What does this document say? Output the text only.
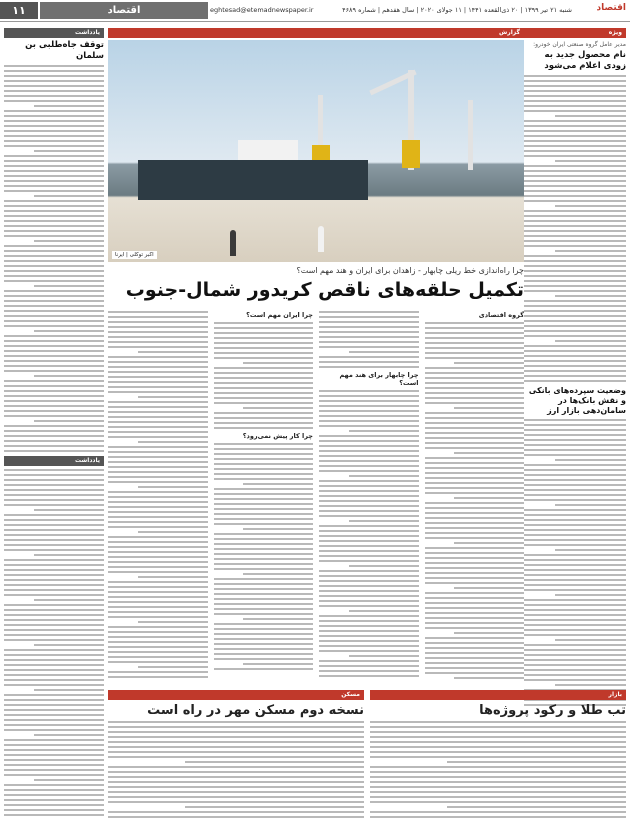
اقتصاد
شنبه ۲۱ تیر ۱۳۹۹ | ۲۰ ذی‌القعده ۱۴۴۱ | ۱۱ جولای ۲۰۲۰ | سال هفدهم | شماره ۴۶۸۹
eghtesad@etemadnewspaper.ir
اقتصاد
۱۱
ویژه
مدیر عامل گروه صنعتی ایران خودرو:
نام محصول جدید به زودی اعلام می‌شود
وضعیت سپرده‌های بانکی و نقش بانک‌ها در سامان‌دهی بازار ارز
یادداشت
توقف جاه‌طلبی بن سلمان
یادداشت
گزارش
اکبر توکلی | ایرنا
چرا راه‌اندازی خط ریلی چابهار - زاهدان برای ایران و هند مهم است؟
تکمیل حلقه‌های ناقص کریدور شمال-جنوب
گروه اقتصادی
چرا چابهار برای هند مهم است؟
چرا ایران مهم است؟
چرا کار پیش نمی‌رود؟
بازار
تب طلا و رکود پروژه‌ها
مسکن
نسخه دوم مسکن مهر در راه است
